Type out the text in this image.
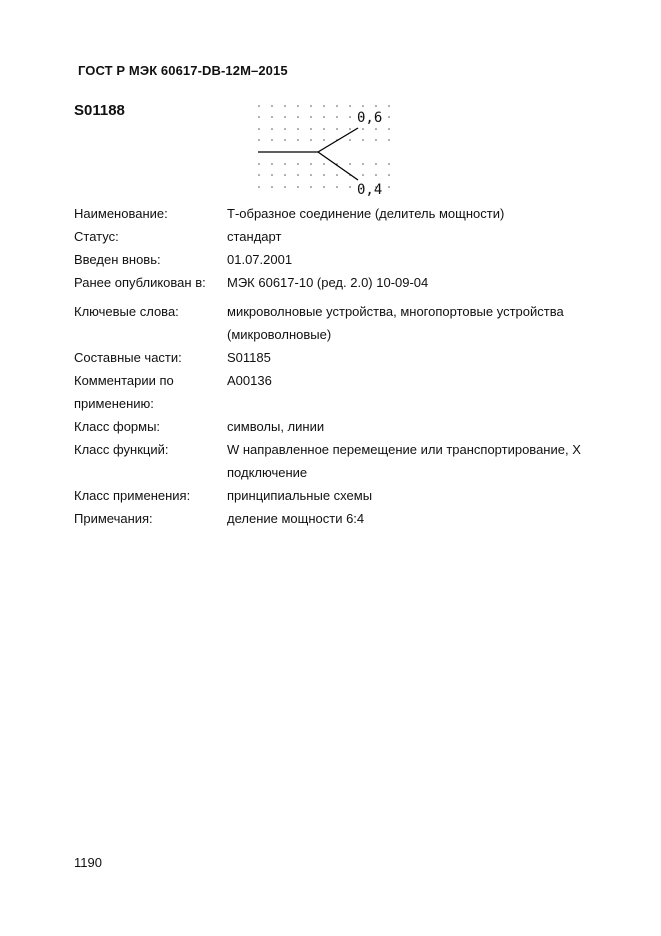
ГОСТ Р МЭК 60617-DB-12M–2015
S01188	0,6
0,4
Наименование:	Т-образное соединение (делитель мощности)
Статус:	стандарт
Введен вновь:	01.07.2001
Ранее опубликован в:	МЭК 60617-10 (ред. 2.0) 10-09-04
Ключевые слова:	микроволновые устройства, многопортовые устройства (микроволновые)
Составные части:	S01185
Комментарии по применению:
A00136
Класс формы:	символы, линии
Класс функций:	W направленное перемещение или транспортирование, X подключение
Класс применения:	принципиальные схемы
Примечания:	деление мощности 6:4
1190
